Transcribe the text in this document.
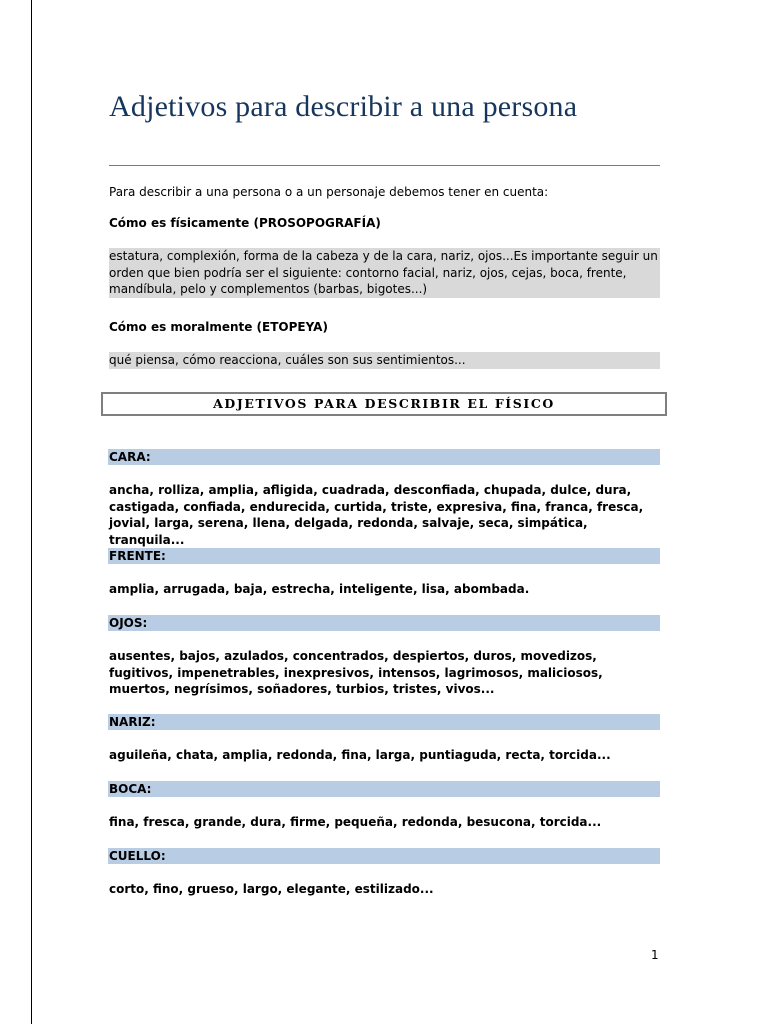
Adjetivos para describir a una persona

Para describir a una persona o a un personaje debemos tener en cuenta:

Cómo es físicamente (PROSOPOGRAFÍA)

estatura, complexión, forma de la cabeza y de la cara, nariz, ojos...Es importante seguir un orden que bien podría ser el siguiente: contorno facial, nariz, ojos, cejas, boca, frente, mandíbula, pelo y complementos (barbas, bigotes...)

Cómo es moralmente (ETOPEYA)

qué piensa, cómo reacciona, cuáles son sus sentimientos...

ADJETIVOS PARA DESCRIBIR EL FÍSICO
CARA:

ancha, rolliza, amplia, afligida, cuadrada, desconfiada, chupada, dulce, dura, castigada, confiada, endurecida, curtida, triste, expresiva, fina, franca, fresca, jovial, larga, serena, llena, delgada, redonda, salvaje, seca, simpática, tranquila...

FRENTE:

amplia, arrugada, baja, estrecha, inteligente, lisa, abombada.

OJOS:

ausentes, bajos, azulados, concentrados, despiertos, duros, movedizos, fugitivos, impenetrables, inexpresivos, intensos, lagrimosos, maliciosos, muertos, negrísimos, soñadores, turbios, tristes, vivos...

NARIZ:

aguileña, chata, amplia, redonda, fina, larga, puntiaguda, recta, torcida...

BOCA:

fina, fresca, grande, dura, firme, pequeña, redonda, besucona, torcida...

CUELLO:

corto, fino, grueso, largo, elegante, estilizado...

1
